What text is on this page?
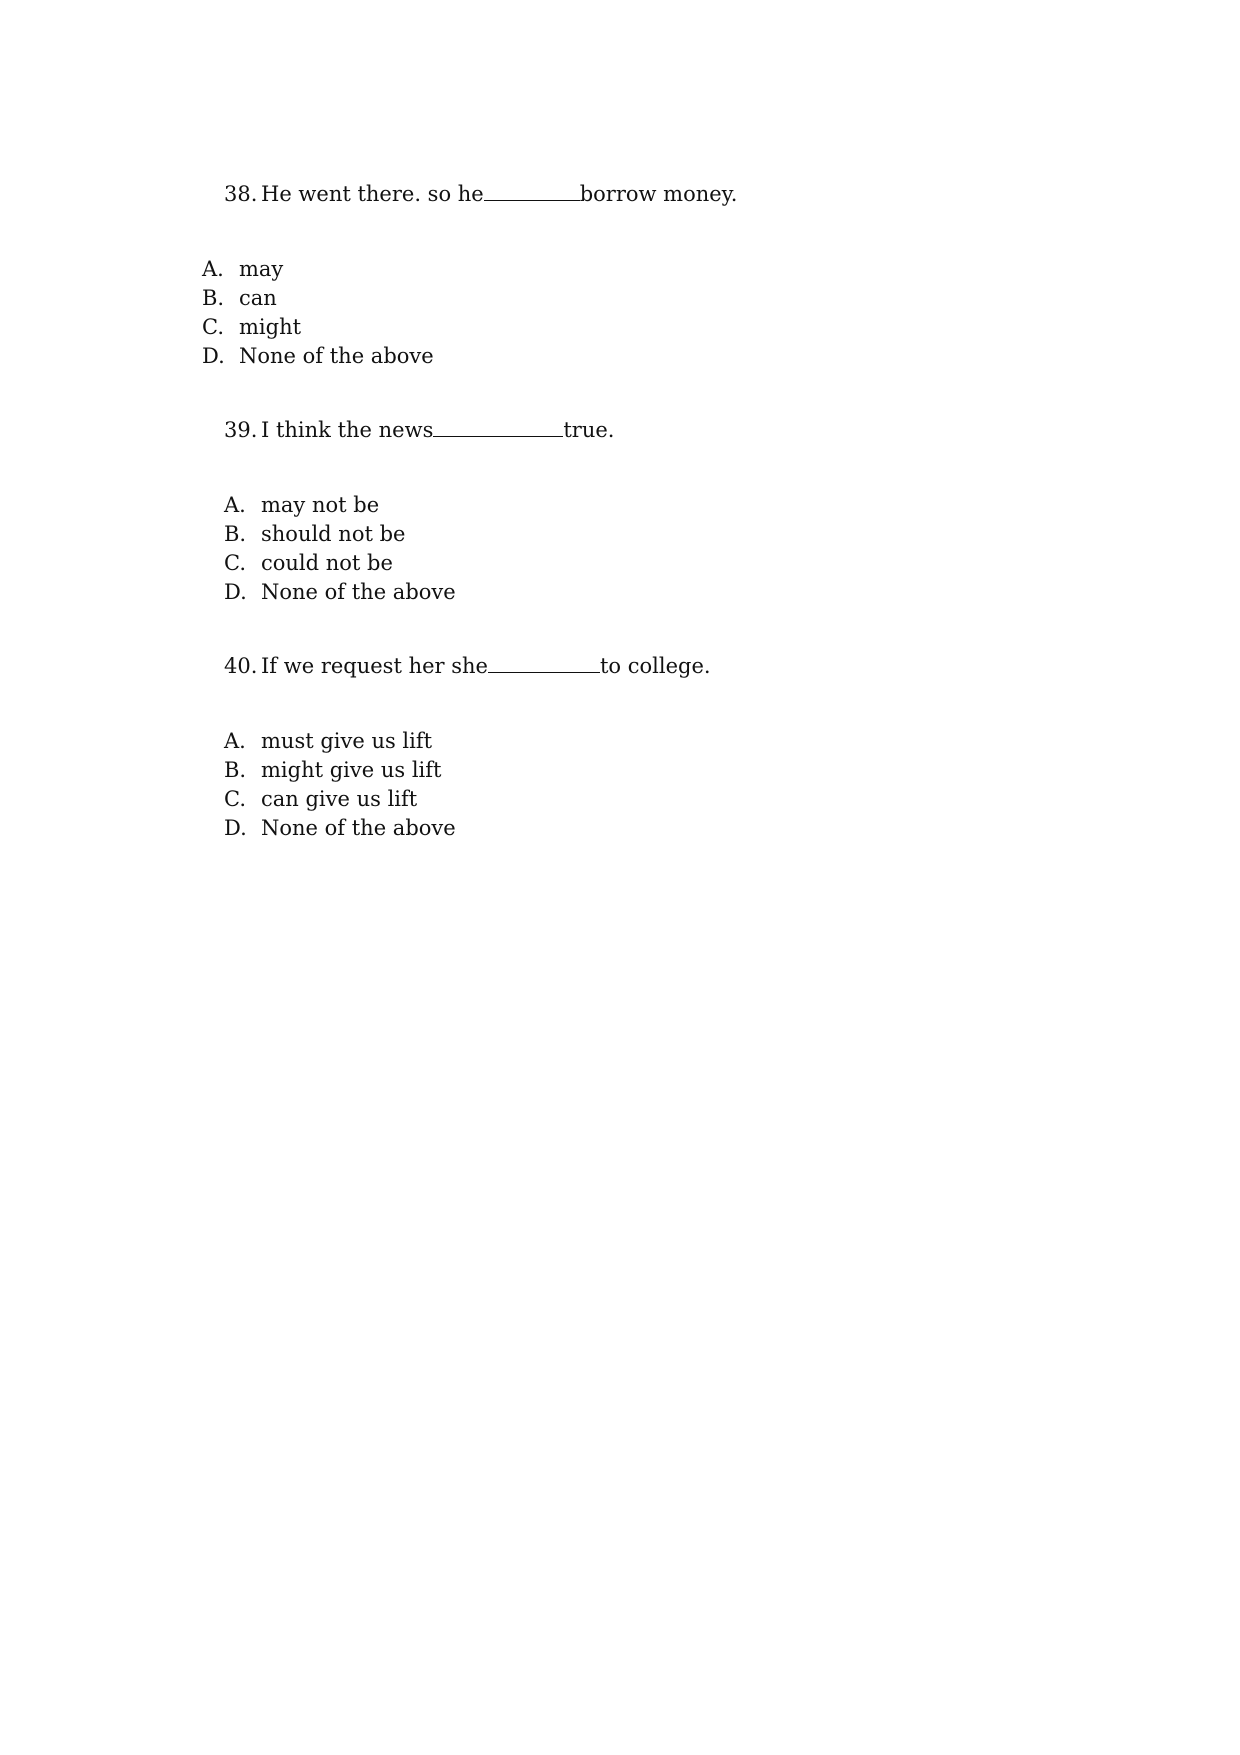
38. He went there. so he	borrow money.
A. may
B. can
C. might
D. None of the above
39. I think the news	true.
A. may not be
B. should not be
C. could not be
D. None of the above
40. If we request her she	to college.
A. must give us lift
B. might give us lift
C. can give us lift
D. None of the above
